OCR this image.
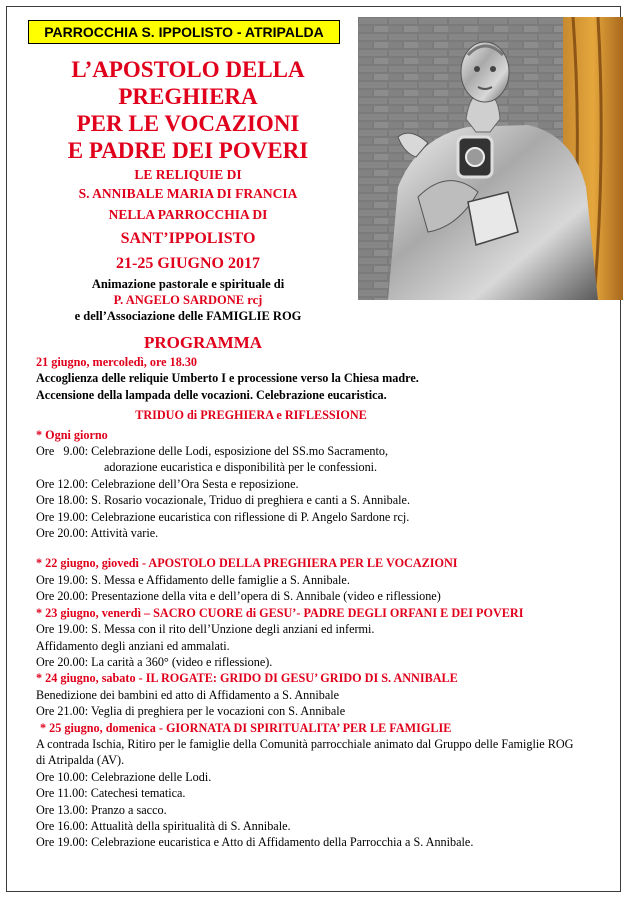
PARROCCHIA S. IPPOLISTO - ATRIPALDA

L’APOSTOLO DELLA

PREGHIERA

PER LE VOCAZIONI

E PADRE DEI POVERI

LE RELIQUIE DI
S. ANNIBALE MARIA DI FRANCIA
NELLA PARROCCHIA DI
SANT’IPPOLISTO
21-25 GIUGNO 2017
Animazione pastorale e spirituale di
P. ANGELO SARDONE rcj
e dell’Associazione delle FAMIGLIE ROG
PROGRAMMA
21 giugno, mercoledì, ore 18.30
Accoglienza delle reliquie Umberto I e processione verso la Chiesa madre.
Accensione della lampada delle vocazioni. Celebrazione eucaristica.
TRIDUO di PREGHIERA e RIFLESSIONE
* Ogni giorno
Ore   9.00: Celebrazione delle Lodi, esposizione del SS.mo Sacramento,
adorazione eucaristica e disponibilità per le confessioni.
Ore 12.00: Celebrazione dell’Ora Sesta e reposizione.
Ore 18.00: S. Rosario vocazionale, Triduo di preghiera e canti a S. Annibale.
Ore 19.00: Celebrazione eucaristica con riflessione di P. Angelo Sardone rcj.
Ore 20.00: Attività varie.
* 22 giugno, giovedì - APOSTOLO DELLA PREGHIERA PER LE VOCAZIONI
Ore 19.00: S. Messa e Affidamento delle famiglie a S. Annibale.
Ore 20.00: Presentazione della vita e dell’opera di S. Annibale (video e riflessione)
* 23 giugno, venerdì – SACRO CUORE di GESU’- PADRE DEGLI ORFANI E DEI POVERI
Ore 19.00: S. Messa con il rito dell’Unzione degli anziani ed infermi.
Affidamento degli anziani ed ammalati.
Ore 20.00: La carità a 360° (video e riflessione).
* 24 giugno, sabato - IL ROGATE: GRIDO DI GESU’ GRIDO DI S. ANNIBALE
Benedizione dei bambini ed atto di Affidamento a S. Annibale
Ore 21.00: Veglia di preghiera per le vocazioni con S. Annibale
* 25 giugno, domenica - GIORNATA DI SPIRITUALITA’ PER LE FAMIGLIE
A contrada Ischia, Ritiro per le famiglie della Comunità parrocchiale animato dal Gruppo delle Famiglie ROG di Atripalda (AV).
Ore 10.00: Celebrazione delle Lodi.
Ore 11.00: Catechesi tematica.
Ore 13.00: Pranzo a sacco.
Ore 16.00: Attualità della spiritualità di S. Annibale.
Ore 19.00: Celebrazione eucaristica e Atto di Affidamento della Parrocchia a S. Annibale.
